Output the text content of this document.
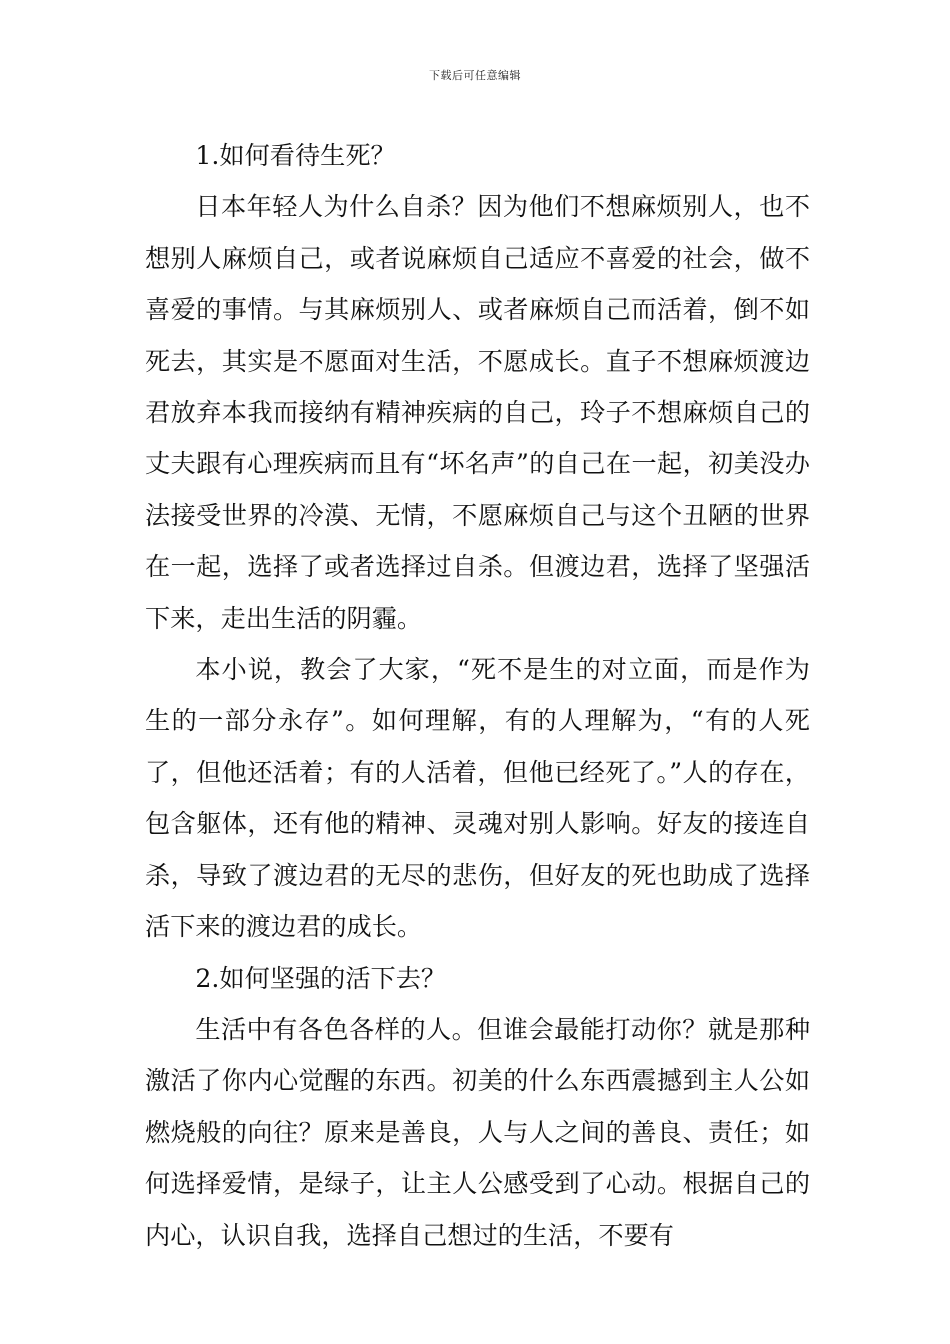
下载后可任意编辑

1.如何看待生死？

日本年轻人为什么自杀？因为他们不想麻烦别人，也不想别人麻烦自己，或者说麻烦自己适应不喜爱的社会，做不喜爱的事情。与其麻烦别人、或者麻烦自己而活着，倒不如死去，其实是不愿面对生活，不愿成长。直子不想麻烦渡边君放弃本我而接纳有精神疾病的自己，玲子不想麻烦自己的丈夫跟有心理疾病而且有“坏名声”的自己在一起，初美没办法接受世界的冷漠、无情，不愿麻烦自己与这个丑陋的世界在一起，选择了或者选择过自杀。但渡边君，选择了坚强活下来，走出生活的阴霾。

本小说，教会了大家，“死不是生的对立面，而是作为生的一部分永存”。如何理解，有的人理解为，“有的人死了，但他还活着；有的人活着，但他已经死了。”人的存在，包含躯体，还有他的精神、灵魂对别人影响。好友的接连自杀，导致了渡边君的无尽的悲伤，但好友的死也助成了选择活下来的渡边君的成长。

2.如何坚强的活下去？

生活中有各色各样的人。但谁会最能打动你？就是那种激活了你内心觉醒的东西。初美的什么东西震撼到主人公如燃烧般的向往？原来是善良，人与人之间的善良、责任；如何选择爱情，是绿子，让主人公感受到了心动。根据自己的内心，认识自我，选择自己想过的生活，不要有
